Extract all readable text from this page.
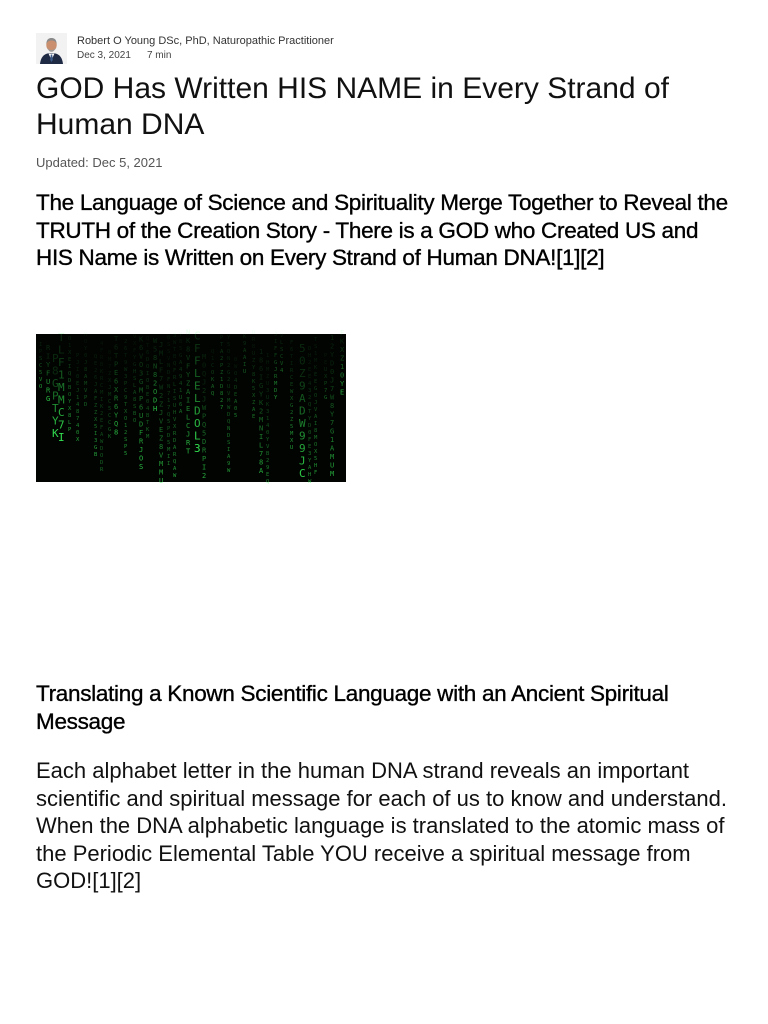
Robert O Young DSc, PhD, Naturopathic Practitioner
Dec 3, 2021 7 min
GOD Has Written HIS NAME in Every Strand of Human DNA
Updated: Dec 5, 2021
The Language of Science and Spirituality Merge Together to Reveal the TRUTH of the Creation Story - There is a GOD who Created US and HIS Name is Written on Every Strand of Human DNA![1][2]
I
P
S
C
5
V
O
R
I
Y
F
U
R
G
P
8
G
P
T
Y
K
T
L
F
1
M
M
C
7
I
O
1
X
E
I
Q
D
B
O
Y
X
8
L
P
P
J
I
0
E
J
1
4
8
7
4
0
X
H
O
Y
0
J
8
A
M
V
P
D
Q
E
2
6
J
A
F
Z
Z
X
5
I
3
G
B
4
F
R
B
K
R
C
M
I
K
2
E
F
A
W
D
O
D
R
0
M
7
Z
X
J
M
C
5
C
C
G
K
T
6
T
P
E
6
X
R
6
Y
Q
8
2
6
T
9
W
3
P
C
9
T
X
O
1
2
S
P
5
9
X
F
Y
G
H
S
L
A
8
S
B
O
K
6
V
O
3
G
M
P
6
U
D
F
R
J
O
S
Q
T
6
D
O
I
O
B
E
0
4
B
T
K
M
W
5
8
N
8
2
O
D
H
J
M
L
F
7
W
2
Z
J
V
E
Z
8
V
M
M
U
0
S
S
V
N
D
F
N
7
1
7
Q
5
P
D
5
M
I
I
3
W
T
B
Q
F
R
L
I
S
U
H
V
X
R
D
A
R
Q
A
W
Y
8
5
G
A
4
9
4
1
U
6
A
N
K
8
V
F
Y
Z
A
I
E
L
C
J
R
T
C
F
F
L
E
L
D
O
L
3
M
0
Q
J
2
J
W
P
Q
5
D
R
P
I
2
Q
1
C
O
K
A
Q
P
T
A
2
P
Z
1
D
8
2
7
Y
5
O
N
2
G
2
U
V
M
W
D
Q
N
D
S
I
A
9
W
0
W
O
4
D
E
A
0
5
K
9
A
A
I
U
D
R
B
U
Z
Y
8
K
5
X
Z
A
E
1
8
6
I
G
Y
K
2
M
N
I
L
7
8
A
1
H
M
Z
U
3
U
K
3
1
4
0
Y
V
B
2
9
E
Q
J
I
F
F
G
J
R
M
D
Y
V
L
S
C
V
4
F
6
T
I
R
C
E
W
X
G
2
Z
5
M
X
U
5
0
Z
9
A
D
W
9
9
J
C
D
H
2
E
E
4
3
2
Q
T
Y
D
0
F
E
3
Y
A
H
W
T
S
1
M
K
E
E
G
O
J
V
A
I
8
M
O
X
5
H
F
P
E
U
X
P
7
G
1
2
Y
D
0
J
7
W
8
Y
7
G
1
A
M
U
M
F
K
X
Z
1
0
Y
E
Translating a Known Scientific Language with an Ancient Spiritual Message

Each alphabet letter in the human DNA strand reveals an important scientific and spiritual message for each of us to know and understand. When the DNA alphabetic language is translated to the atomic mass of the Periodic Elemental Table YOU receive a spiritual message from GOD![1][2]
